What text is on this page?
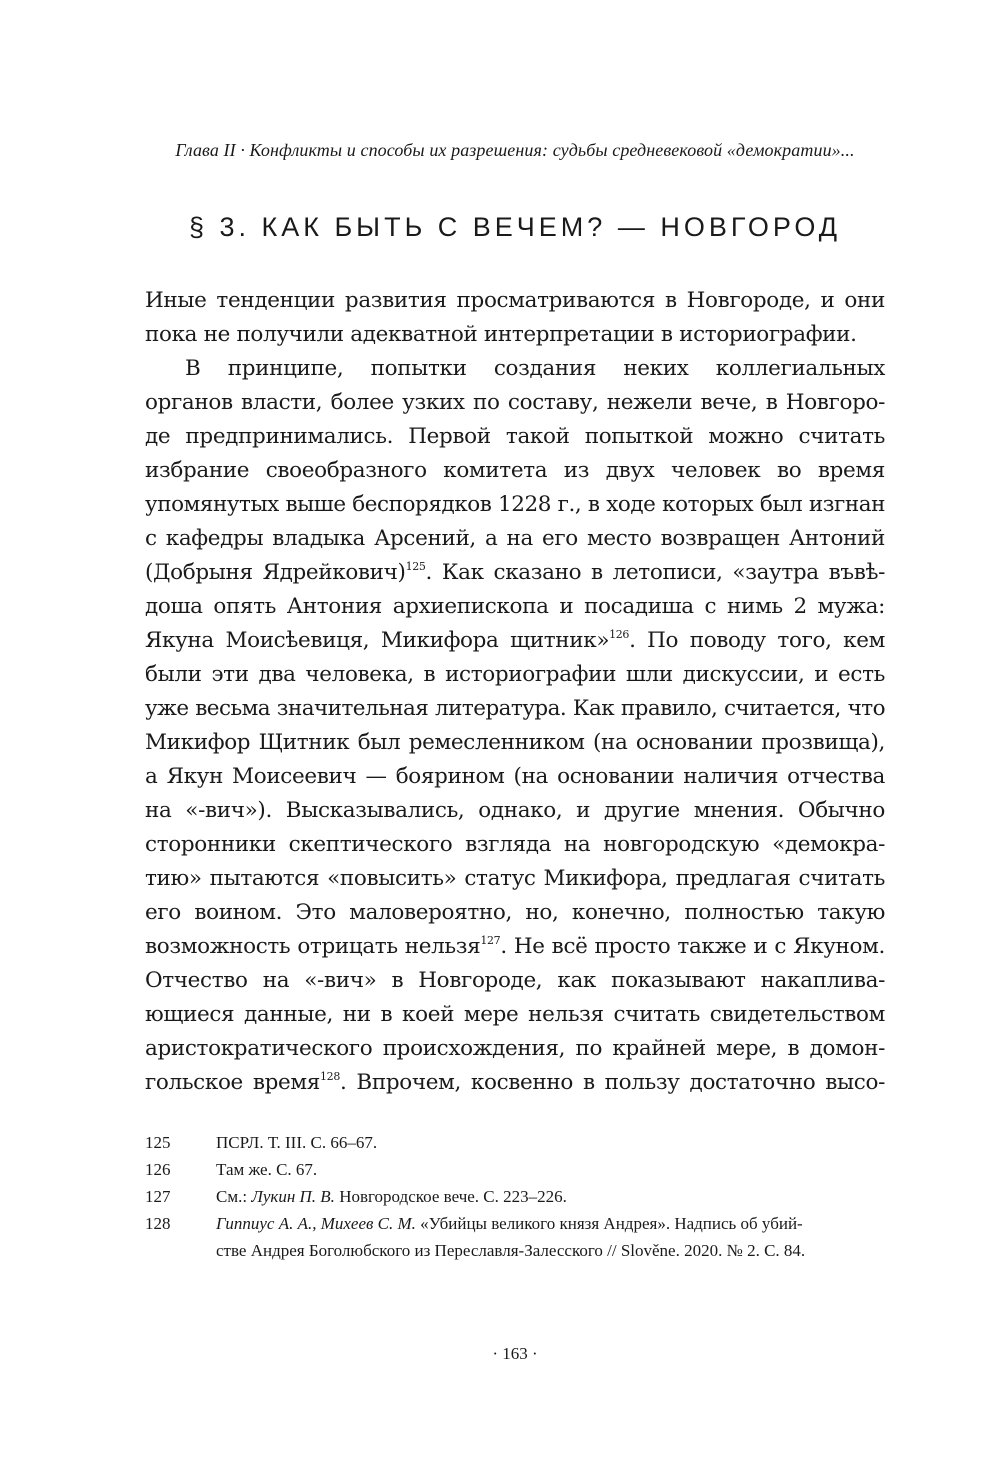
Глава II · Конфликты и способы их разрешения: судьбы средневековой «демократии»...
§ 3. КАК БЫТЬ С ВЕЧЕМ? — НОВГОРОД
Иные тенденции развития просматриваются в Новгороде, и они
пока не получили адекватной интерпретации в историографии.
В принципе, попытки создания неких коллегиальных
органов власти, более узких по составу, нежели вече, в Новгоро-
де предпринимались. Первой такой попыткой можно считать
избрание своеобразного комитета из двух человек во время
упомянутых выше беспорядков 1228 г., в ходе которых был изгнан
с кафедры владыка Арсений, а на его место возвращен Антоний
(Добрыня Ядрейкович)$^{125}$. Как сказано в летописи, «заутра въвѣ-
доша опять Антония архиепископа и посадиша с нимь 2 мужа:
Якуна Моисѣевиця, Микифора щитник»$^{126}$. По поводу того, кем
были эти два человека, в историографии шли дискуссии, и есть
уже весьма значительная литература. Как правило, считается, что
Микифор Щитник был ремесленником (на основании прозвища),
а Якун Моисеевич — боярином (на основании наличия отчества
на «-вич»). Высказывались, однако, и другие мнения. Обычно
сторонники скептического взгляда на новгородскую «демокра-
тию» пытаются «повысить» статус Микифора, предлагая считать
его воином. Это маловероятно, но, конечно, полностью такую
возможность отрицать нельзя$^{127}$. Не всё просто также и с Якуном.
Отчество на «-вич» в Новгороде, как показывают накаплива-
ющиеся данные, ни в коей мере нельзя считать свидетельством
аристократического происхождения, по крайней мере, в домон-
гольское время$^{128}$. Впрочем, косвенно в пользу достаточно высо-
125	ПСРЛ. Т. III. С. 66–67.
126	Там же. С. 67.
127	См.: Лукин П. В. Новгородское вече. С. 223–226.
128	Гиппиус А. А., Михеев С. М. «Убийцы великого князя Андрея». Надпись об убий-
стве Андрея Боголюбского из Переславля-Залесского // Slověne. 2020. № 2. С. 84.
· 163 ·
